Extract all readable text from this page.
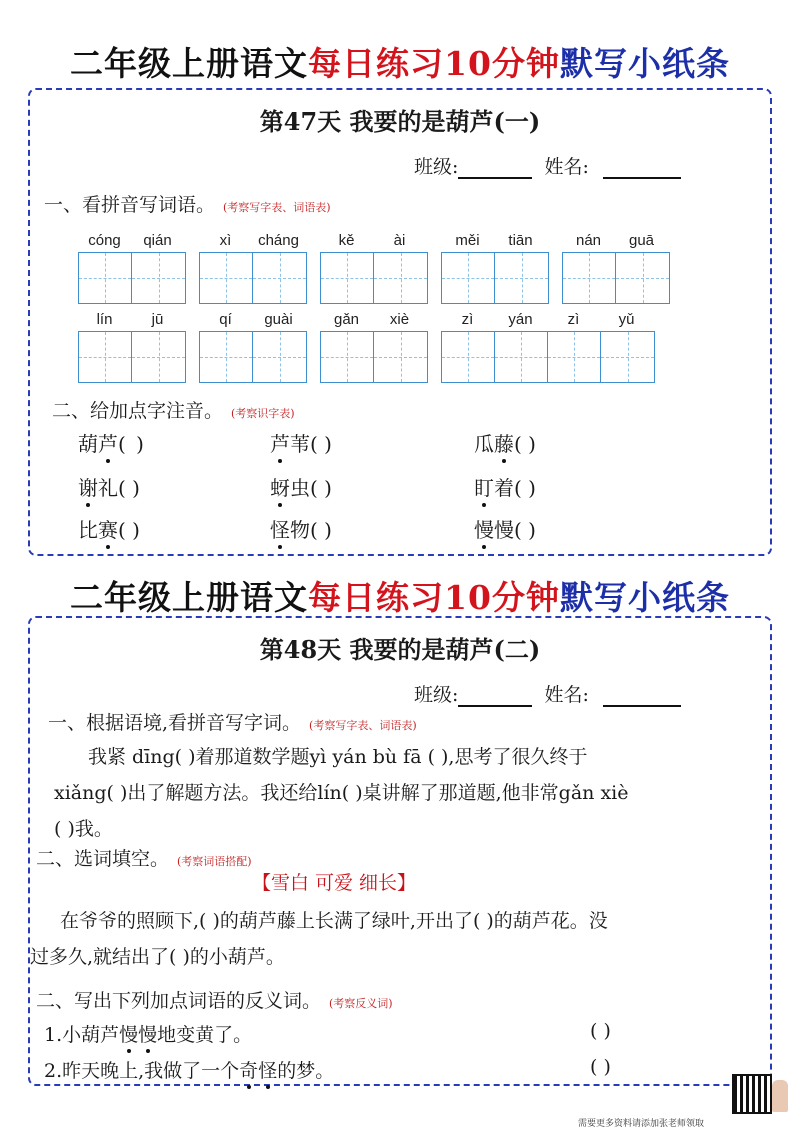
二年级上册语文每日练习10分钟默写小纸条
第47天 我要的是葫芦(一)
班级:	姓名:
一、看拼音写词语。 (考察写字表、词语表)
cóng	qián	xì	cháng	kě	ài	měi	tiān	nán	guā
lín	jū	qí	guài	gǎn	xiè	zì	yán	zì	yǔ
二、给加点字注音。 (考察识字表)
葫芦( )	芦苇( )	瓜藤( )
谢礼( )	蚜虫( )	盯着( )
比赛( )	怪物( )	慢慢( )
二年级上册语文每日练习10分钟默写小纸条
第48天 我要的是葫芦(二)
班级:	姓名:
一、根据语境,看拼音写字词。 (考察写字表、词语表)
我紧 dīng( )着那道数学题yì yán bù fā ( ),思考了很久终于
xiǎng( )出了解题方法。我还给lín( )桌讲解了那道题,他非常gǎn xiè
( )我。
二、选词填空。 (考察词语搭配)
【雪白 可爱 细长】
在爷爷的照顾下,( )的葫芦藤上长满了绿叶,开出了( )的葫芦花。没
过多久,就结出了( )的小葫芦。
二、写出下列加点词语的反义词。 (考察反义词)
1.小葫芦慢慢地变黄了。	( )
2.昨天晚上,我做了一个奇怪的梦。	( )
需要更多资料请添加张老师领取
